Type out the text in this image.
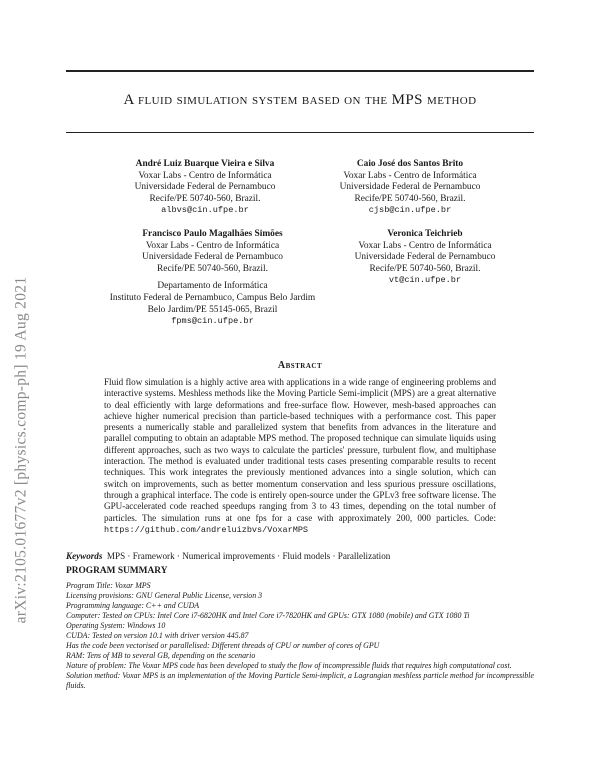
arXiv:2105.01677v2 [physics.comp-ph] 19 Aug 2021
A fluid simulation system based on the MPS method
André Luiz Buarque Vieira e Silva
Voxar Labs - Centro de Informática
Universidade Federal de Pernambuco
Recife/PE 50740-560, Brazil.
albvs@cin.ufpe.br
Caio José dos Santos Brito
Voxar Labs - Centro de Informática
Universidade Federal de Pernambuco
Recife/PE 50740-560, Brazil.
cjsb@cin.ufpe.br
Francisco Paulo Magalhães Simões
Voxar Labs - Centro de Informática
Universidade Federal de Pernambuco
Recife/PE 50740-560, Brazil.
Departamento de Informática
Instituto Federal de Pernambuco, Campus Belo Jardim
Belo Jardim/PE 55145-065, Brazil
fpms@cin.ufpe.br
Veronica Teichrieb
Voxar Labs - Centro de Informática
Universidade Federal de Pernambuco
Recife/PE 50740-560, Brazil.
vt@cin.ufpe.br
Abstract
Fluid flow simulation is a highly active area with applications in a wide range of engineering problems and interactive systems. Meshless methods like the Moving Particle Semi-implicit (MPS) are a great alternative to deal efficiently with large deformations and free-surface flow. However, mesh-based approaches can achieve higher numerical precision than particle-based techniques with a performance cost. This paper presents a numerically stable and parallelized system that benefits from advances in the literature and parallel computing to obtain an adaptable MPS method. The proposed technique can simulate liquids using different approaches, such as two ways to calculate the particles' pressure, turbulent flow, and multiphase interaction. The method is evaluated under traditional tests cases presenting comparable results to recent techniques. This work integrates the previously mentioned advances into a single solution, which can switch on improvements, such as better momentum conservation and less spurious pressure oscillations, through a graphical interface. The code is entirely open-source under the GPLv3 free software license. The GPU-accelerated code reached speedups ranging from 3 to 43 times, depending on the total number of particles. The simulation runs at one fps for a case with approximately 200, 000 particles. Code: https://github.com/andreluizbvs/VoxarMPS
Keywords MPS · Framework · Numerical improvements · Fluid models · Parallelization
PROGRAM SUMMARY
Program Title: Voxar MPS
Licensing provisions: GNU General Public License, version 3
Programming language: C++ and CUDA
Computer: Tested on CPUs: Intel Core i7-6820HK and Intel Core i7-7820HK and GPUs: GTX 1080 (mobile) and GTX 1080 Ti
Operating System: Windows 10
CUDA: Tested on version 10.1 with driver version 445.87
Has the code been vectorised or parallelised: Different threads of CPU or number of cores of GPU
RAM: Tens of MB to several GB, depending on the scenario
Nature of problem: The Voxar MPS code has been developed to study the flow of incompressible fluids that requires high computational cost.
Solution method: Voxar MPS is an implementation of the Moving Particle Semi-implicit, a Lagrangian meshless particle method for incompressible fluids.
